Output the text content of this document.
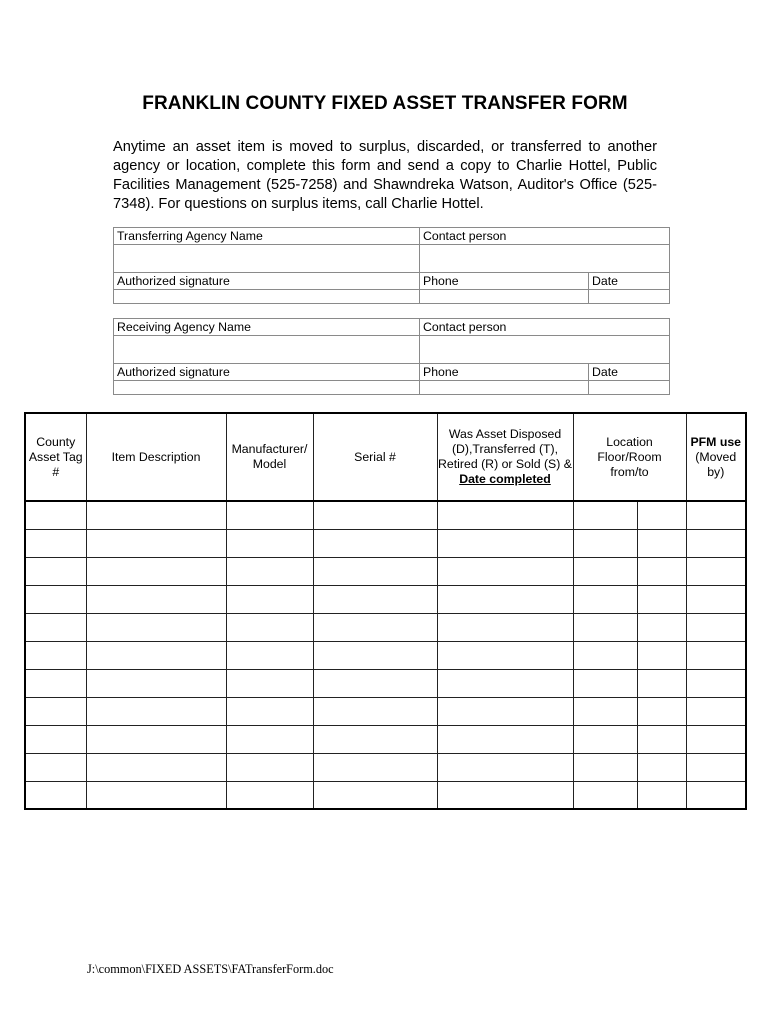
FRANKLIN COUNTY FIXED ASSET TRANSFER FORM

Anytime an asset item is moved to surplus, discarded, or transferred to another agency or location, complete this form and send a copy to Charlie Hottel, Public Facilities Management (525-7258) and Shawndreka Watson, Auditor's Office (525-7348). For questions on surplus items, call Charlie Hottel.

Transferring Agency Name	Contact person
Authorized signature	Phone	Date
Receiving Agency Name	Contact person
Authorized signature	Phone	Date
County Asset Tag #	Item Description	Manufacturer/ Model	Serial #	Was Asset Disposed (D),Transferred (T), Retired (R) or Sold (S) & Date completed	Location Floor/Room from/to		PFM use
(Moved by)

J:\common\FIXED ASSETS\FATransferForm.doc
